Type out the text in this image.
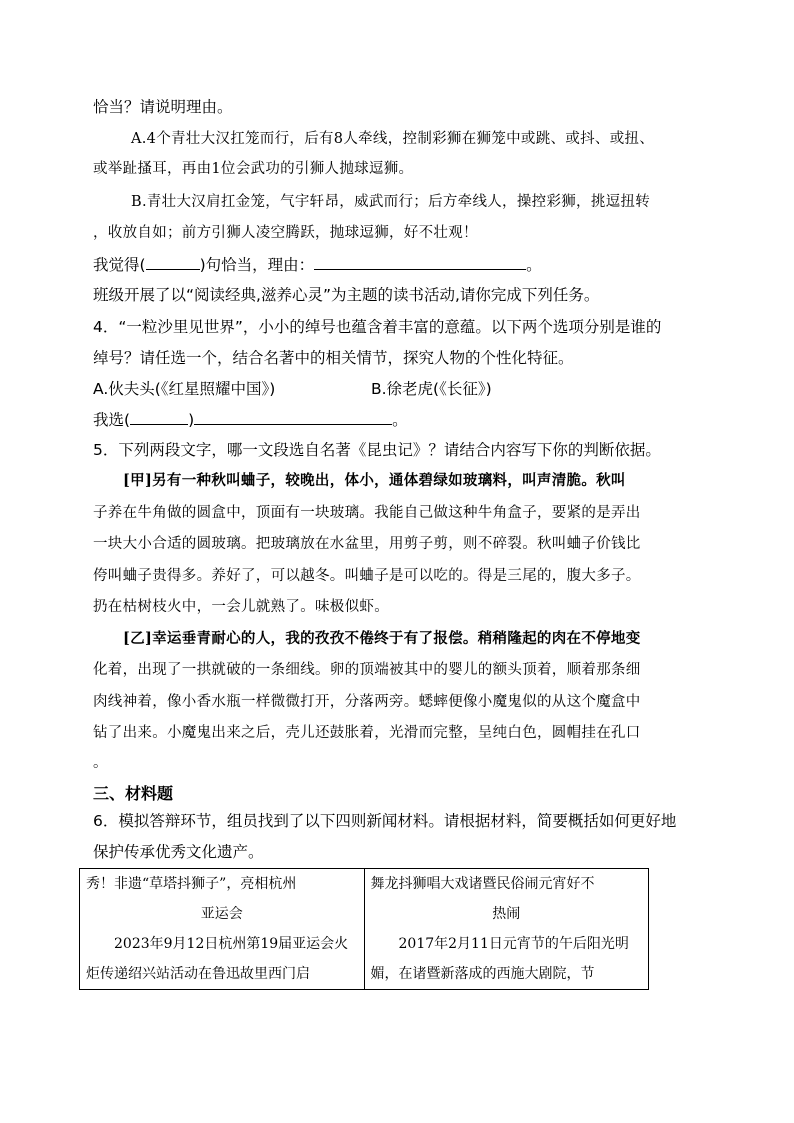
恰当？请说明理由。
A.4个青壮大汉扛笼而行，后有8人牵线，控制彩狮在狮笼中或跳、或抖、或扭、
或举趾搔耳，再由1位会武功的引狮人抛球逗狮。
B.青壮大汉肩扛金笼，气宇轩昂，威武而行；后方牵线人，操控彩狮，挑逗扭转
，收放自如；前方引狮人凌空腾跃，抛球逗狮，好不壮观！
我觉得(	)句恰当，理由：	。
班级开展了以“阅读经典,滋养心灵”为主题的读书活动,请你完成下列任务。
4．“一粒沙里见世界”，小小的绰号也蕴含着丰富的意蕴。以下两个选项分别是谁的
绰号？请任选一个，结合名著中的相关情节，探究人物的个性化特征。
A.伙夫头(《红星照耀中国》)	B.徐老虎(《长征》)
我选(	)	。
5．下列两段文字，哪一文段选自名著《昆虫记》？请结合内容写下你的判断依据。
[甲]另有一种秋叫蛐子，较晚出，体小，通体碧绿如玻璃料，叫声清脆。秋叫
子养在牛角做的圆盒中，顶面有一块玻璃。我能自己做这种牛角盒子，要紧的是弄出
一块大小合适的圆玻璃。把玻璃放在水盆里，用剪子剪，则不碎裂。秋叫蛐子价钱比
侉叫蛐子贵得多。养好了，可以越冬。叫蛐子是可以吃的。得是三尾的，腹大多子。
扔在枯树枝火中，一会儿就熟了。味极似虾。
[乙]幸运垂青耐心的人，我的孜孜不倦终于有了报偿。稍稍隆起的肉在不停地变
化着，出现了一拱就破的一条细线。卵的顶端被其中的婴儿的额头顶着，顺着那条细
肉线神着，像小香水瓶一样微微打开，分落两旁。蟋蟀便像小魔鬼似的从这个魔盒中
钻了出来。小魔鬼出来之后，壳儿还鼓胀着，光滑而完整，呈纯白色，圆帽挂在孔口
。
三、材料题
6．模拟答辩环节，组员找到了以下四则新闻材料。请根据材料，简要概括如何更好地
保护传承优秀文化遗产。
秀！非遗“草塔抖狮子”，亮相杭州
亚运会
2023年9月12日杭州第19届亚运会火
炬传递绍兴站活动在鲁迅故里西门启

舞龙抖狮唱大戏诸暨民俗闹元宵好不
热闹
2017年2月11日元宵节的午后阳光明
媚，在诸暨新落成的西施大剧院，节
